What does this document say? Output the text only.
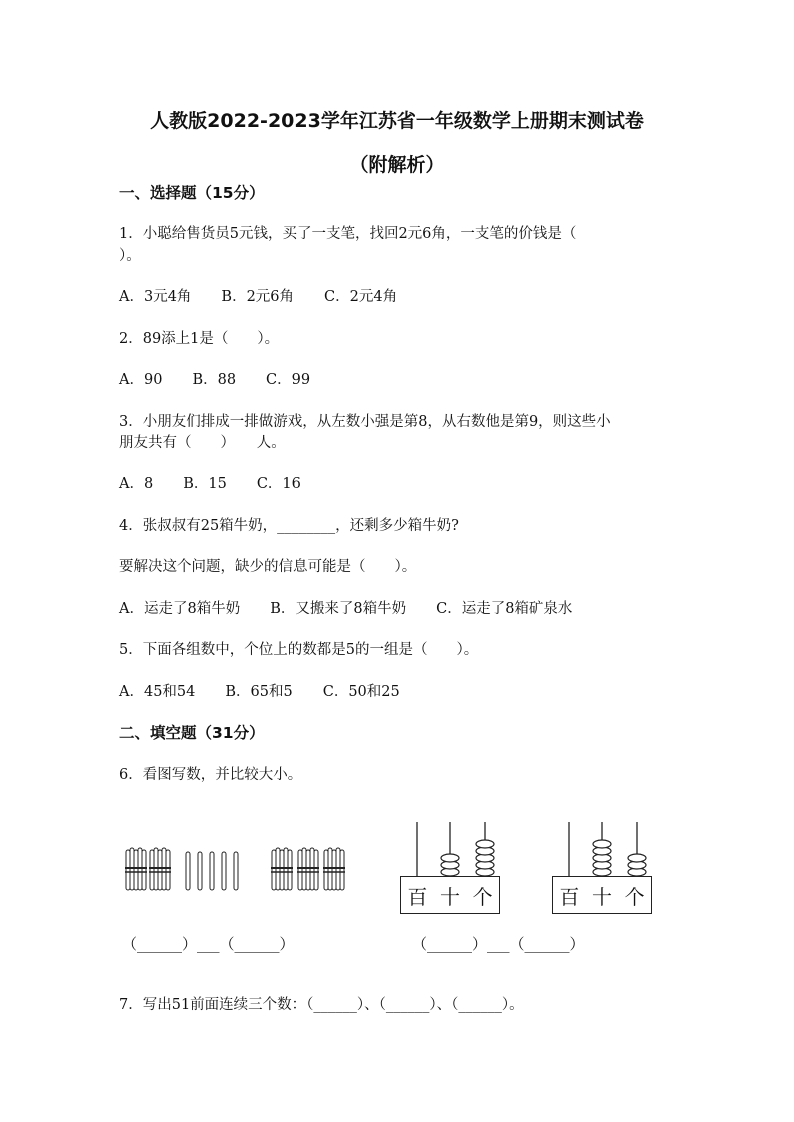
人教版2022-2023学年江苏省一年级数学上册期末测试卷
（附解析）
一、选择题（15分）
1．小聪给售货员5元钱，买了一支笔，找回2元6角，一支笔的价钱是（
）。
A．3元4角 B．2元6角 C．2元4角
2．89添上1是（　　）。
A．90 B．88 C．99
3．小朋友们排成一排做游戏，从左数小强是第8，从右数他是第9，则这些小
朋友共有（　　）　　人。
A．8 B．15 C．16
4．张叔叔有25箱牛奶，________，还剩多少箱牛奶?
要解决这个问题，缺少的信息可能是（　　）。
A．运走了8箱牛奶 B．又搬来了8箱牛奶 C．运走了8箱矿泉水
5．下面各组数中，个位上的数都是5的一组是（　　）。
A．45和54 B．65和5 C．50和25
二、填空题（31分）
6．看图写数，并比较大小。
百 十 个	百 十 个
（______）___（______）	（______）___（______）
7．写出51前面连续三个数：（______）、（______）、（______）。
